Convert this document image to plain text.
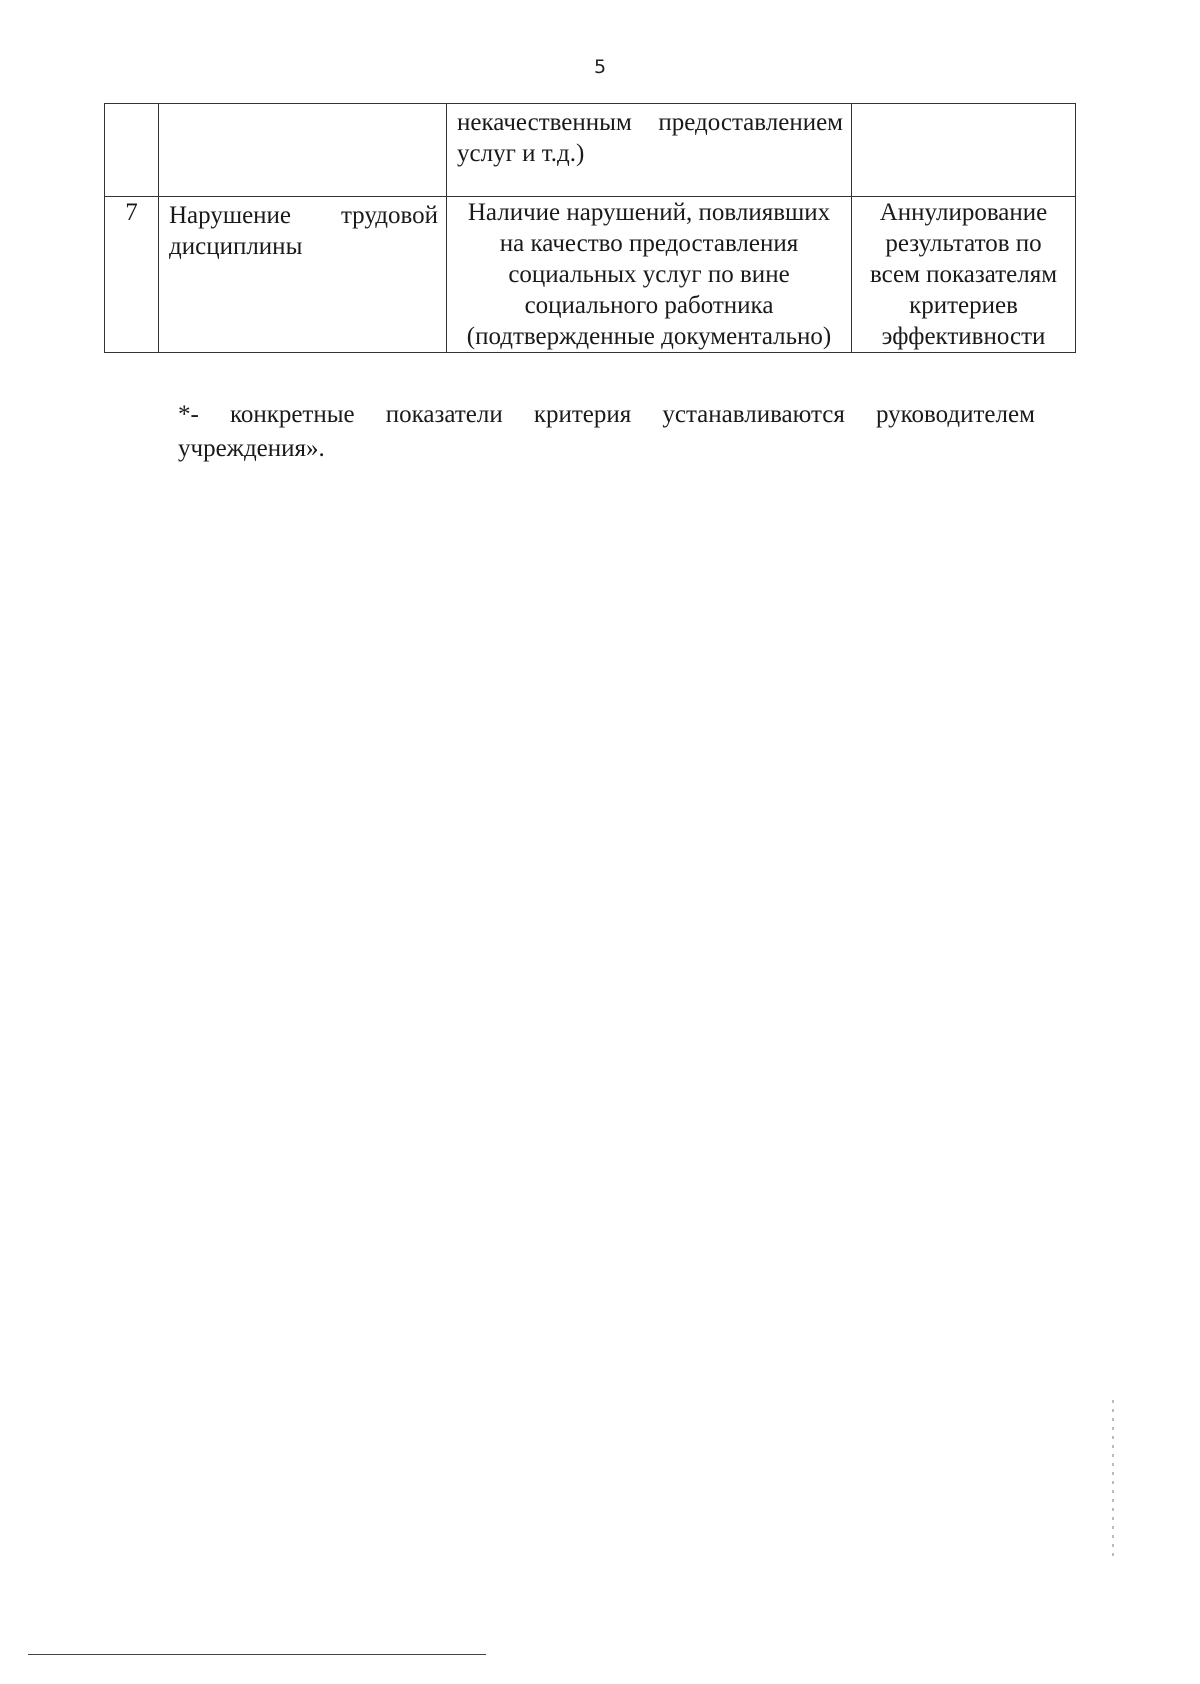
5

		некачественным предоставлением
услуг и т.д.)	

7	Нарушение трудовой
дисциплины	Наличие нарушений, повлиявших
на качество предоставления
социальных услуг по вине
социального работника
(подтвержденные документально)	Аннулирование
результатов по
всем показателям
критериев
эффективности
*- конкретные показатели критерия устанавливаются руководителем
учреждения».
